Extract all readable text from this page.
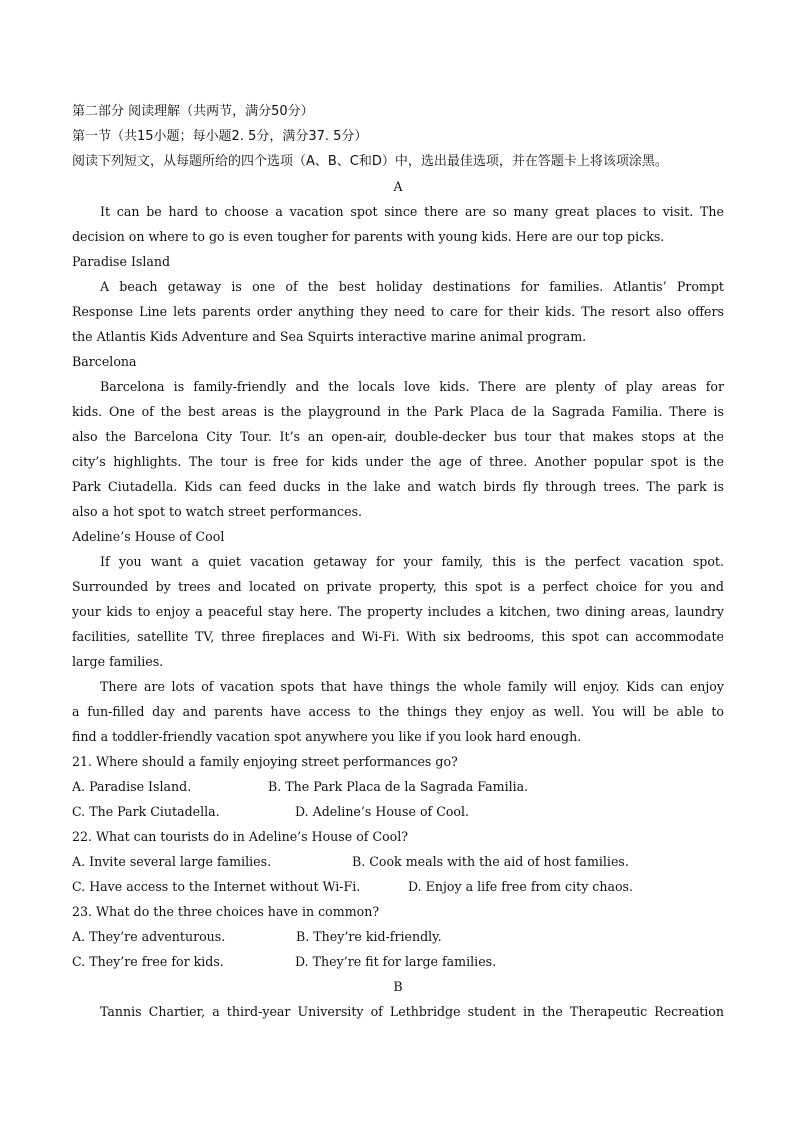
第二部分 阅读理解（共两节，满分50分）
第一节（共15小题；每小题2. 5分，满分37. 5分）
阅读下列短文，从每题所给的四个选项（A、B、C和D）中，选出最佳选项，并在答题卡上将该项涂黑。
A
It can be hard to choose a vacation spot since there are so many great places to visit. The
decision on where to go is even tougher for parents with young kids. Here are our top picks.
Paradise Island
A beach getaway is one of the best holiday destinations for families. Atlantis’ Prompt
Response Line lets parents order anything they need to care for their kids. The resort also offers
the Atlantis Kids Adventure and Sea Squirts interactive marine animal program.
Barcelona
Barcelona is family-friendly and the locals love kids. There are plenty of play areas for
kids. One of the best areas is the playground in the Park Placa de la Sagrada Familia. There is
also the Barcelona City Tour. It’s an open-air, double-decker bus tour that makes stops at the
city’s highlights. The tour is free for kids under the age of three. Another popular spot is the
Park Ciutadella. Kids can feed ducks in the lake and watch birds fly through trees. The park is
also a hot spot to watch street performances.
Adeline’s House of Cool
If you want a quiet vacation getaway for your family, this is the perfect vacation spot.
Surrounded by trees and located on private property, this spot is a perfect choice for you and
your kids to enjoy a peaceful stay here. The property includes a kitchen, two dining areas, laundry
facilities, satellite TV, three fireplaces and Wi-Fi. With six bedrooms, this spot can accommodate
large families.
There are lots of vacation spots that have things the whole family will enjoy. Kids can enjoy
a fun-filled day and parents have access to the things they enjoy as well. You will be able to
find a toddler-friendly vacation spot anywhere you like if you look hard enough.
21. Where should a family enjoying street performances go?
A. Paradise Island.	B. The Park Placa de la Sagrada Familia.
C. The Park Ciutadella.	D. Adeline’s House of Cool.
22. What can tourists do in Adeline’s House of Cool?
A. Invite several large families.	B. Cook meals with the aid of host families.
C. Have access to the Internet without Wi-Fi.	D. Enjoy a life free from city chaos.
23. What do the three choices have in common?
A. They’re adventurous.	B. They’re kid-friendly.
C. They’re free for kids.	D. They’re fit for large families.
B
Tannis Chartier, a third-year University of Lethbridge student in the Therapeutic Recreation
